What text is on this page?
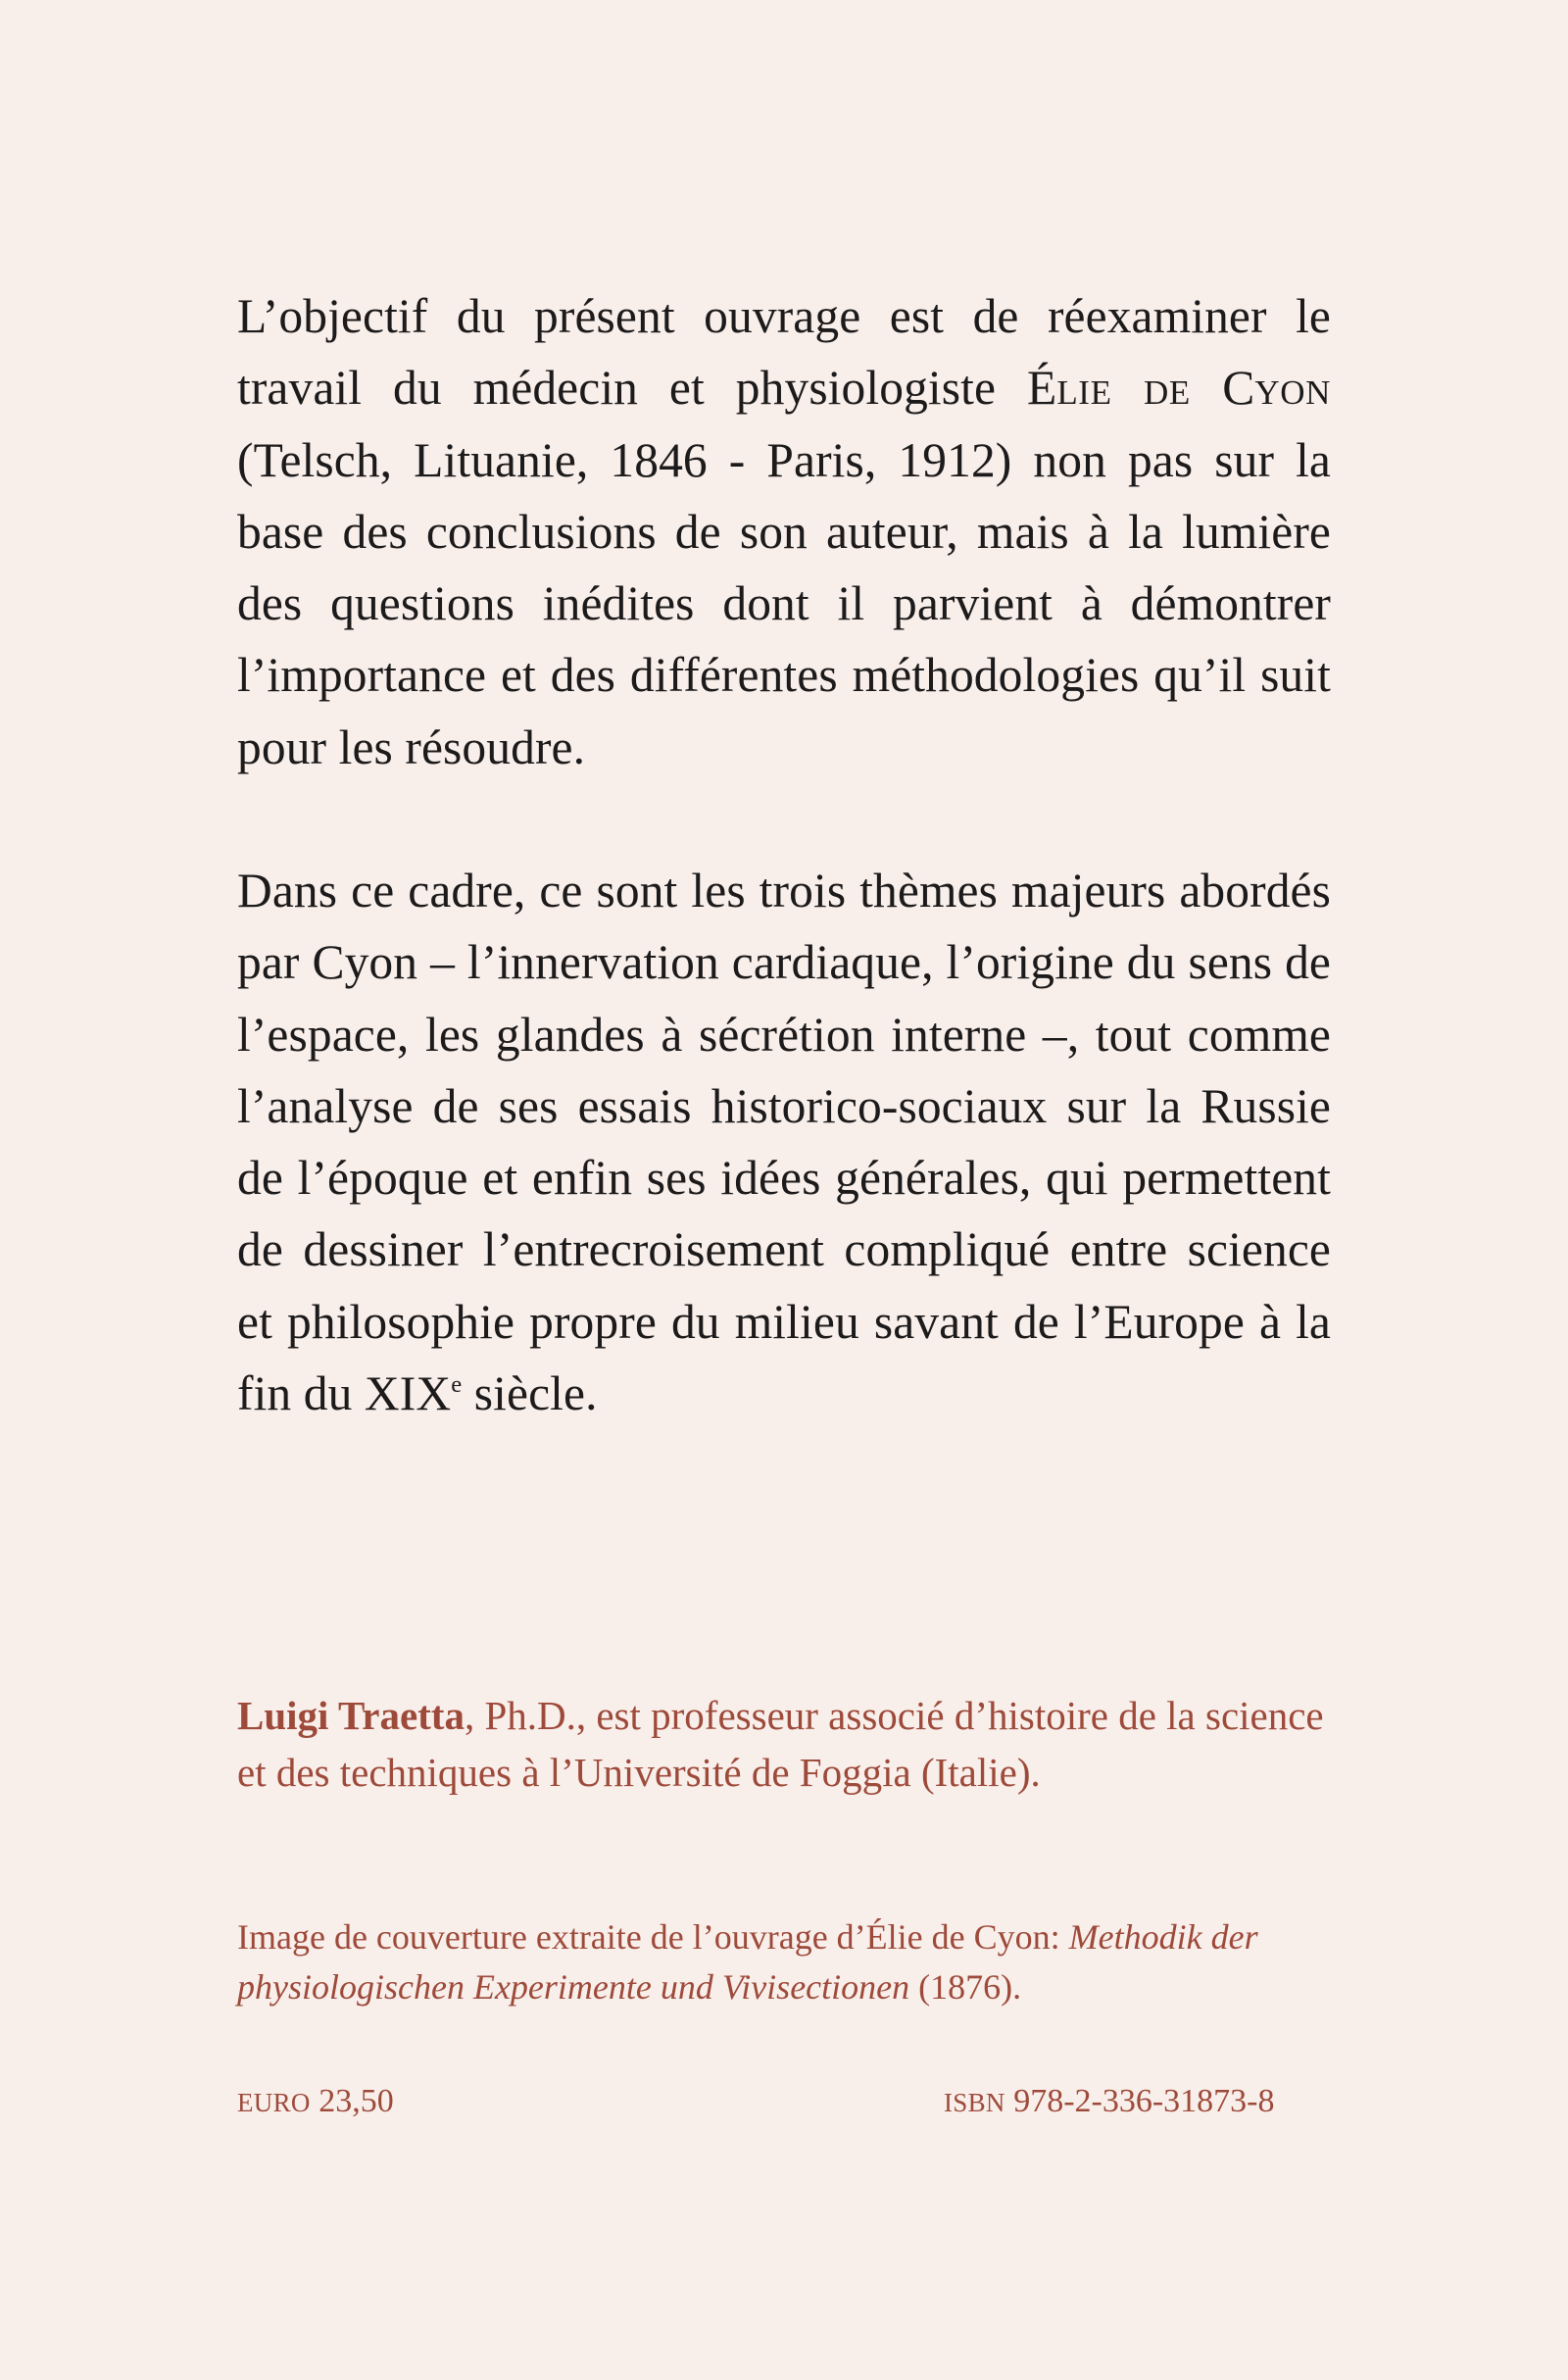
L’objectif du présent ouvrage est de réexaminer le travail du médecin et physiologiste Élie de Cyon (Telsch, Lituanie, 1846 - Paris, 1912) non pas sur la base des conclusions de son auteur, mais à la lumière des questions inédites dont il parvient à démontrer l’importance et des différentes méthodologies qu’il suit pour les résoudre.

Dans ce cadre, ce sont les trois thèmes majeurs abordés par Cyon – l’innervation cardiaque, l’origine du sens de l’espace, les glandes à sécrétion interne –, tout comme l’analyse de ses essais historico-sociaux sur la Russie de l’époque et enfin ses idées générales, qui permettent de dessiner l’entrecroisement compliqué entre science et philosophie propre du milieu savant de l’Europe à la fin du XIXe siècle.

Luigi Traetta, Ph.D., est professeur associé d’histoire de la science et des techniques à l’Université de Foggia (Italie).

Image de couverture extraite de l’ouvrage d’Élie de Cyon: Methodik der physiologischen Experimente und Vivisectionen (1876).

EURO 23,50	ISBN 978-2-336-31873-8
